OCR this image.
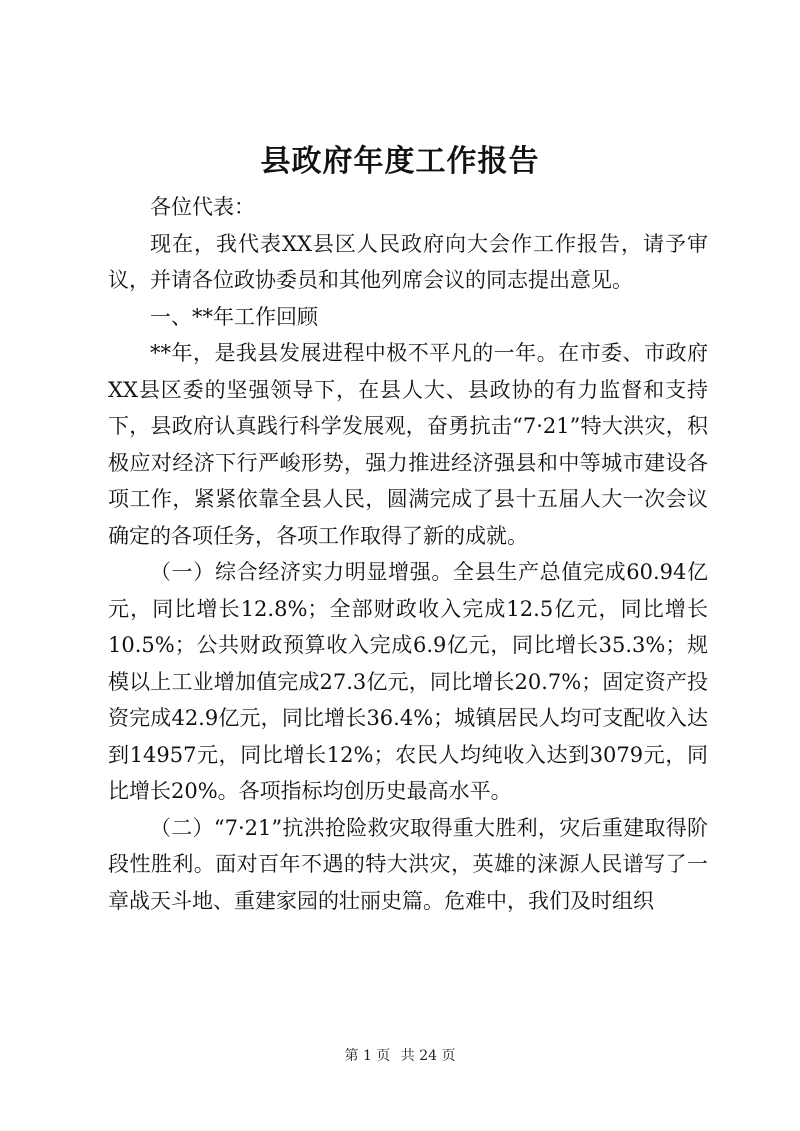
县政府年度工作报告

各位代表：

现在，我代表XX县区人民政府向大会作工作报告，请予审议，并请各位政协委员和其他列席会议的同志提出意见。

一、**年工作回顾

**年，是我县发展进程中极不平凡的一年。在市委、市政府XX县区委的坚强领导下，在县人大、县政协的有力监督和支持下，县政府认真践行科学发展观，奋勇抗击“7·21”特大洪灾，积极应对经济下行严峻形势，强力推进经济强县和中等城市建设各项工作，紧紧依靠全县人民，圆满完成了县十五届人大一次会议确定的各项任务，各项工作取得了新的成就。

（一）综合经济实力明显增强。全县生产总值完成60.94亿元，同比增长12.8%；全部财政收入完成12.5亿元，同比增长10.5%；公共财政预算收入完成6.9亿元，同比增长35.3%；规模以上工业增加值完成27.3亿元，同比增长20.7%；固定资产投资完成42.9亿元，同比增长36.4%；城镇居民人均可支配收入达到14957元，同比增长12%；农民人均纯收入达到3079元，同比增长20%。各项指标均创历史最高水平。

（二）“7·21”抗洪抢险救灾取得重大胜利，灾后重建取得阶段性胜利。面对百年不遇的特大洪灾，英雄的涞源人民谱写了一章战天斗地、重建家园的壮丽史篇。危难中，我们及时组织

第 1 页 共 24 页
